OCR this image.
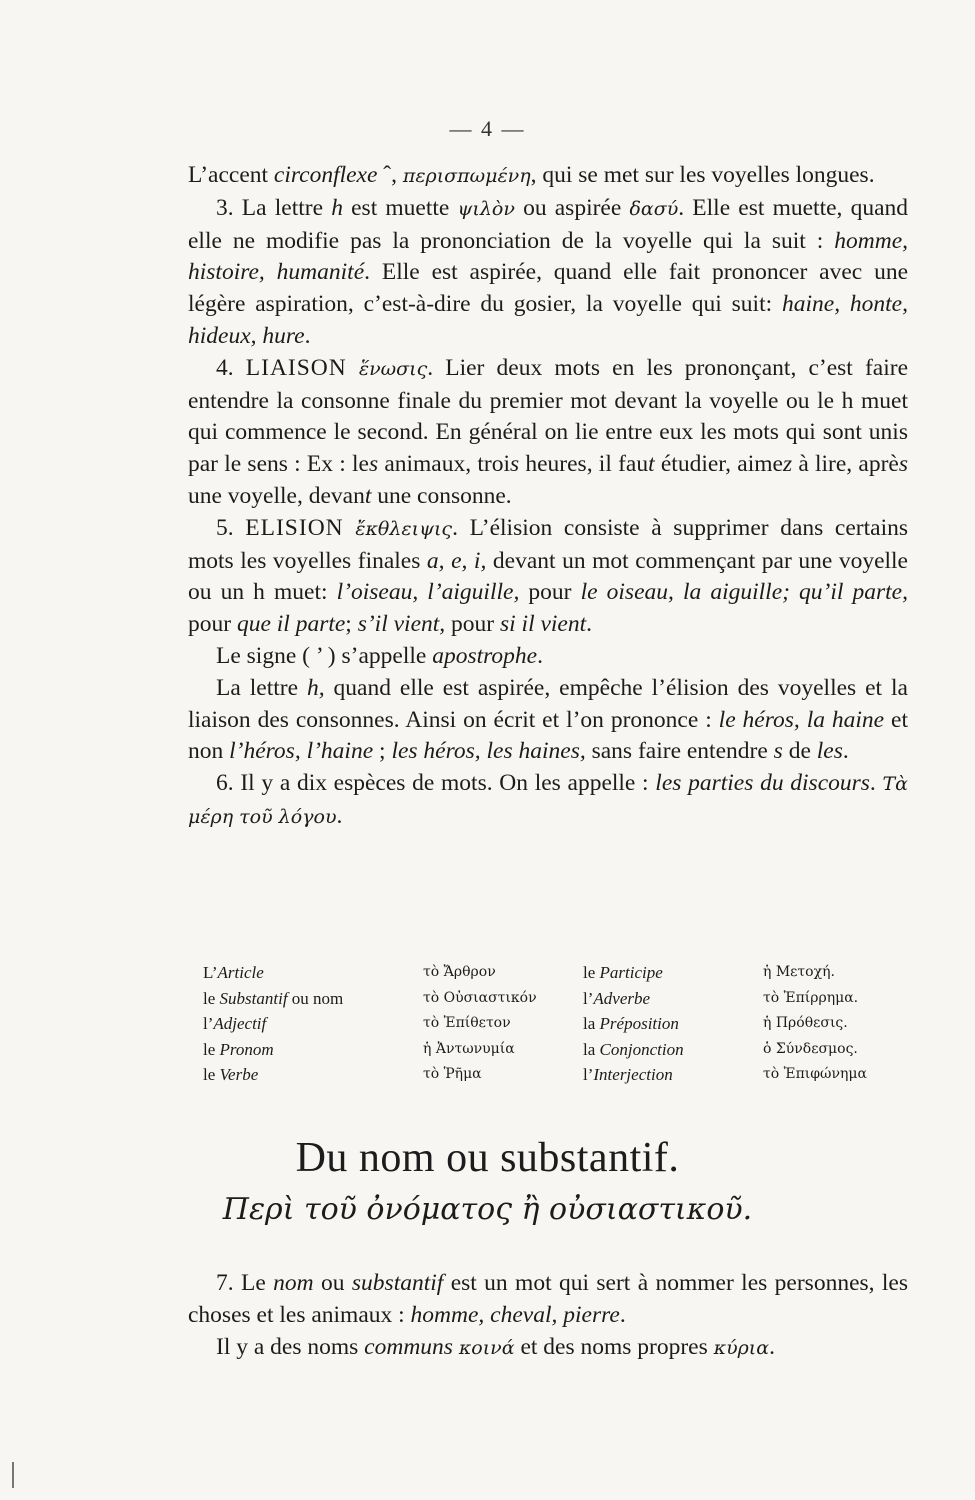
— 4 —

L’accent circonflexe ˆ, περισπωμένη, qui se met sur les voyelles longues.

3. La lettre h est muette ψιλὸν ou aspirée δασύ. Elle est muette, quand elle ne modifie pas la prononciation de la voyelle qui la suit : homme, histoire, humanité. Elle est aspirée, quand elle fait prononcer avec une légère aspiration, c’est-à-dire du gosier, la voyelle qui suit: haine, honte, hideux, hure.

4. LIAISON ἕνωσις. Lier deux mots en les prononçant, c’est faire entendre la consonne finale du premier mot devant la voyelle ou le h muet qui commence le second. En général on lie entre eux les mots qui sont unis par le sens : Ex : les animaux, trois heures, il faut étudier, aimez à lire, après une voyelle, devant une consonne.

5. ELISION ἔκθλειψις. L’élision consiste à supprimer dans certains mots les voyelles finales a, e, i, devant un mot commençant par une voyelle ou un h muet: l’oiseau, l’aiguille, pour le oiseau, la aiguille; qu’il parte, pour que il parte; s’il vient, pour si il vient.

Le signe ( ’ ) s’appelle apostrophe.

La lettre h, quand elle est aspirée, empêche l’élision des voyelles et la liaison des consonnes. Ainsi on écrit et l’on prononce : le héros, la haine et non l’héros, l’haine ; les héros, les haines, sans faire entendre s de les.

6. Il y a dix espèces de mots. On les appelle : les parties du discours. Τὰ μέρη τοῦ λόγου.

L’Article	τὸ Ἄρθρον	le Participe	ἡ Μετοχή.
le Substantif ou nom	τὸ Οὐσιαστικόν	l’Adverbe	τὸ Ἐπίρρημα.
l’Adjectif	τὸ Ἐπίθετον	la Préposition	ἡ Πρόθεσις.
le Pronom	ἡ Ἀντωνυμία	la Conjonction	ὁ Σύνδεσμος.
le Verbe	τὸ Ῥῆμα	l’Interjection	τὸ Ἐπιφώνημα
Du nom ou substantif.
Περὶ τοῦ ὀνόματος ἢ οὐσιαστικοῦ.

7. Le nom ou substantif est un mot qui sert à nommer les personnes, les choses et les animaux : homme, cheval, pierre.

Il y a des noms communs κοινά et des noms propres κύρια.
